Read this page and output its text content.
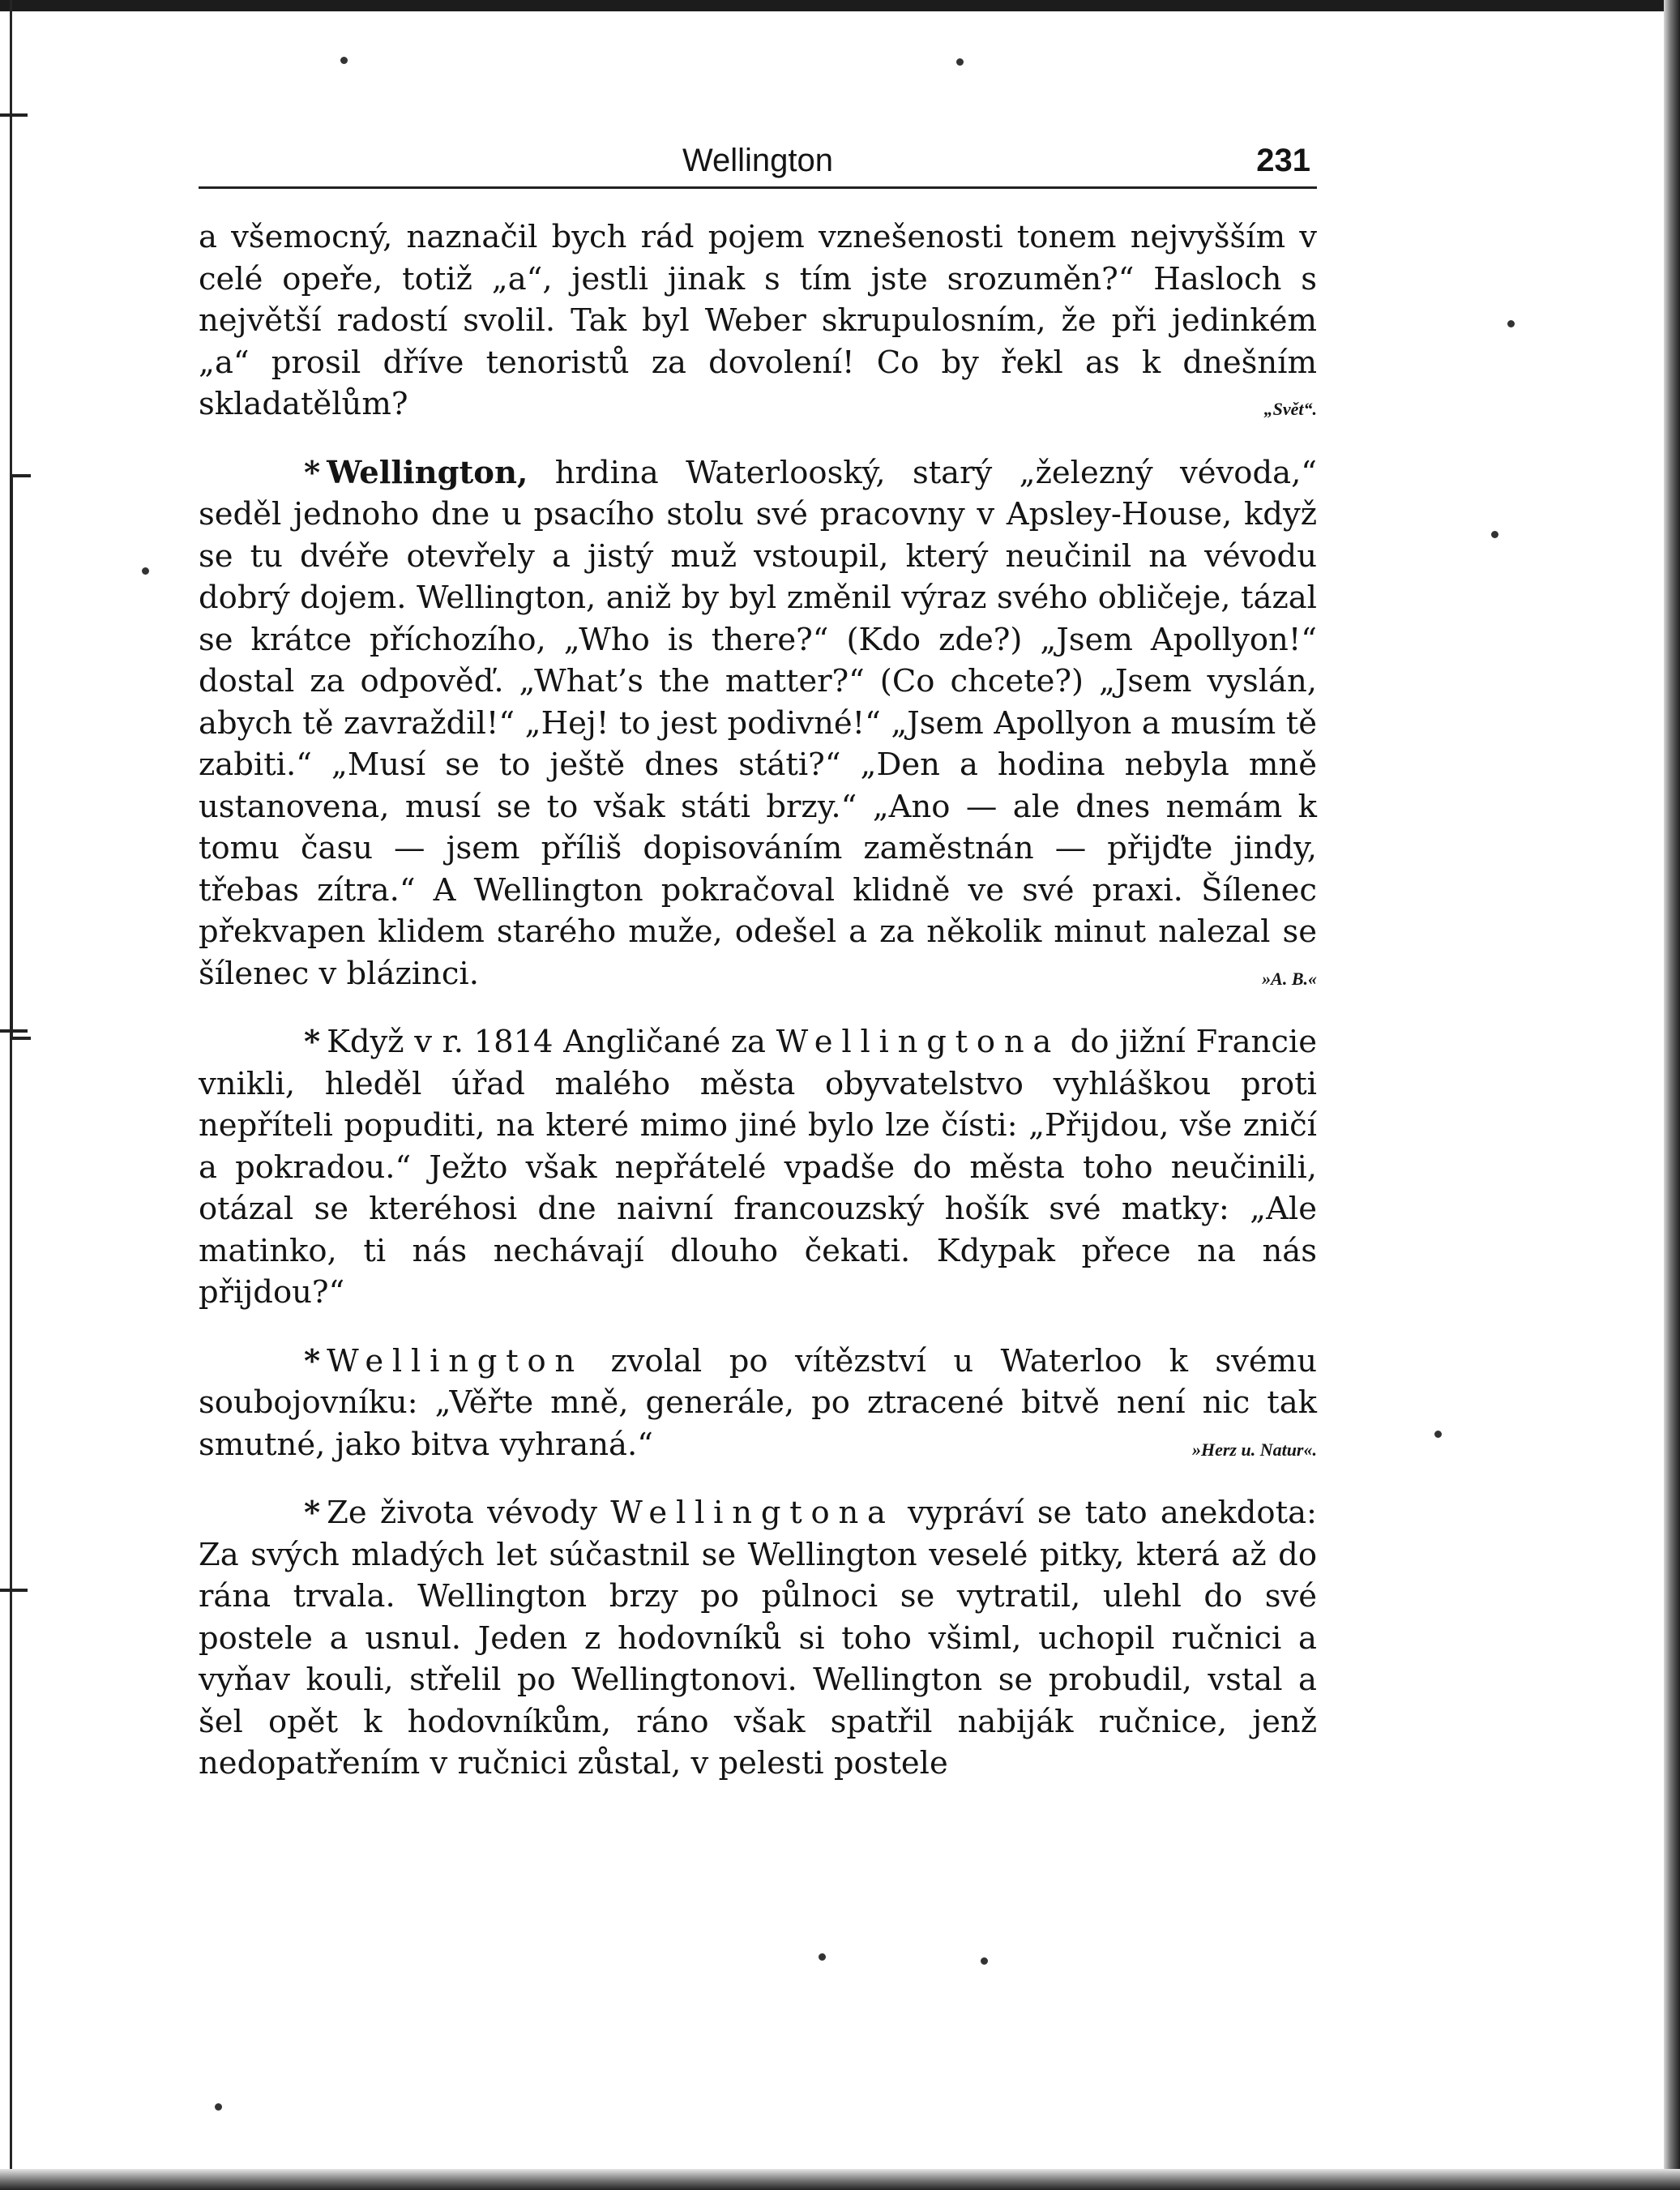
Wellington	231

a všemocný, naznačil bych rád pojem vznešenosti tonem nejvyšším v celé opeře, totiž „a“, jestli jinak s tím jste srozuměn?“ Hasloch s největší radostí svolil. Tak byl Weber skrupulosním, že při jedinkém „a“ prosil dříve tenoristů za dovolení! Co by řekl as k dnešním skladatělům?	„Svět“.

* Wellington, hrdina Waterlooský, starý „železný vévoda,“ seděl jednoho dne u psacího stolu své pracovny v Apsley-House, když se tu dvéře otevřely a jistý muž vstoupil, který neučinil na vévodu dobrý dojem. Wellington, aniž by byl změnil výraz svého obličeje, tázal se krátce příchozího, „Who is there?“ (Kdo zde?) „Jsem Apollyon!“ dostal za odpověď. „What’s the matter?“ (Co chcete?) „Jsem vyslán, abych tě zavraždil!“ „Hej! to jest podivné!“ „Jsem Apollyon a musím tě zabiti.“ „Musí se to ještě dnes státi?“ „Den a hodina nebyla mně ustanovena, musí se to však státi brzy.“ „Ano — ale dnes nemám k tomu času — jsem příliš dopisováním zaměstnán — přijďte jindy, třebas zítra.“ A Wellington pokračoval klidně ve své praxi. Šílenec překvapen klidem starého muže, odešel a za několik minut nalezal se šílenec v blázinci.	»A. B.«

* Když v r. 1814 Angličané za Wellingtona do jižní Francie vnikli, hleděl úřad malého města obyvatelstvo vyhláškou proti nepříteli popuditi, na které mimo jiné bylo lze čísti: „Přijdou, vše zničí a pokradou.“ Ježto však nepřátelé vpadše do města toho neučinili, otázal se kteréhosi dne naivní francouzský hošík své matky: „Ale matinko, ti nás nechávají dlouho čekati. Kdypak přece na nás přijdou?“

* Wellington zvolal po vítězství u Waterloo k svému soubojovníku: „Věřte mně, generále, po ztracené bitvě není nic tak smutné, jako bitva vyhraná.“	»Herz u. Natur«.

* Ze života vévody Wellingtona vypráví se tato anekdota: Za svých mladých let súčastnil se Wellington veselé pitky, která až do rána trvala. Wellington brzy po půlnoci se vytratil, ulehl do své postele a usnul. Jeden z hodovníků si toho všiml, uchopil ručnici a vyňav kouli, střelil po Wellingtonovi. Wellington se probudil, vstal a šel opět k hodovníkům, ráno však spatřil nabiják ručnice, jenž nedopatřením v ručnici zůstal, v pelesti postele
